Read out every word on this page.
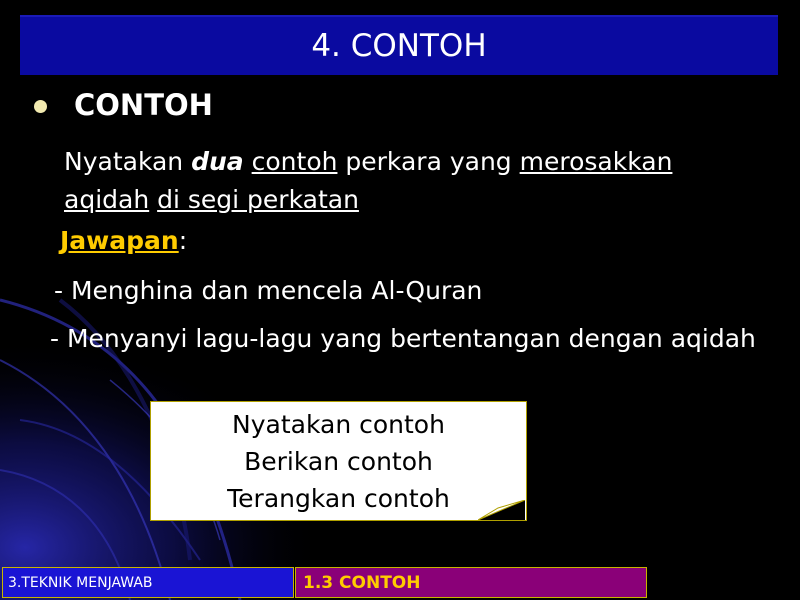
4. CONTOH
CONTOH
Nyatakan dua contoh perkara yang merosakkan
aqidah di segi perkatan
Jawapan:
- Menghina dan mencela Al-Quran
- Menyanyi lagu-lagu yang bertentangan dengan aqidah
Nyatakan contoh
Berikan contoh
Terangkan contoh
3.TEKNIK MENJAWAB	1.3 CONTOH
